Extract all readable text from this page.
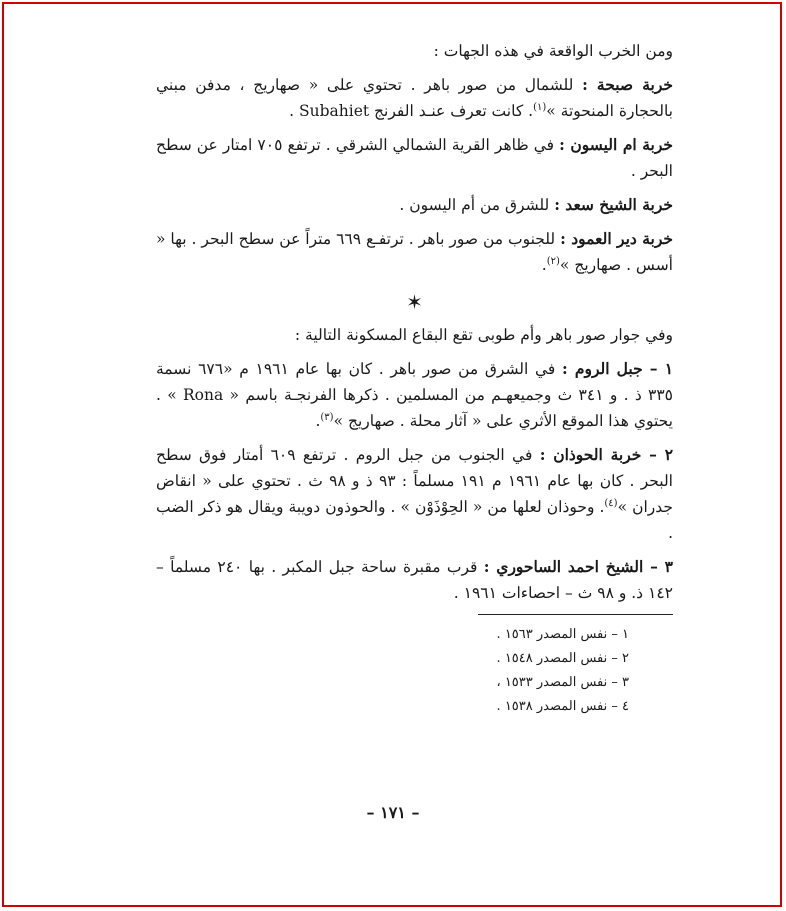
ومن الخرب الواقعة في هذه الجهات :

خربة صبحة : للشمال من صور باهر . تحتوي على « صهاريج ، مدفن مبني بالحجارة المنحوتة »$^{(١)}$. كانت تعرف عنـد الفرنج Subahiet .

خربة ام اليسون : في ظاهر القرية الشمالي الشرقي . ترتفع ٧٠٥ امتار عن سطح البحر .

خربة الشيخ سعد : للشرق من أم اليسون .

خربة دير العمود : للجنوب من صور باهر . ترتفـع ٦٦٩ متراً عن سطح البحر . بها « أسس . صهاريج »$^{(٢)}$.

✶

وفي جوار صور باهر وأم طوبى تقع البقاع المسكونة التالية :

١ – جبل الروم : في الشرق من صور باهر . كان بها عام ١٩٦١ م «٦٧٦ نسمة ٣٣٥ ذ . و ٣٤١ ث وجميعهـم من المسلمين . ذكرها الفرنجـة باسم « Rona » . يحتوي هذا الموقع الأثري على « آثار محلة . صهاريج »$^{(٣)}$.

٢ – خربة الحوذان : في الجنوب من جبل الروم . ترتفع ٦٠٩ أمتار فوق سطح البحر . كان بها عام ١٩٦١ م ١٩١ مسلماً : ٩٣ ذ و ٩٨ ث . تحتوي على « انقاض جدران »$^{(٤)}$. وحوذان لعلها من « الحِوْذَوْن » . والحوذون دويبة ويقال هو ذكر الضب .

٣ – الشيخ احمد الساحوري : قرب مقبرة ساحة جبل المكبر . بها ٢٤٠ مسلماً – ١٤٢ ذ. و ٩٨ ث – احصاءات ١٩٦١ .

١ – نفس المصدر ١٥٦٣ .
٢ – نفس المصدر ١٥٤٨ .
٣ – نفس المصدر ١٥٣٣ ،
٤ – نفس المصدر ١٥٣٨ .
– ١٧١ –
